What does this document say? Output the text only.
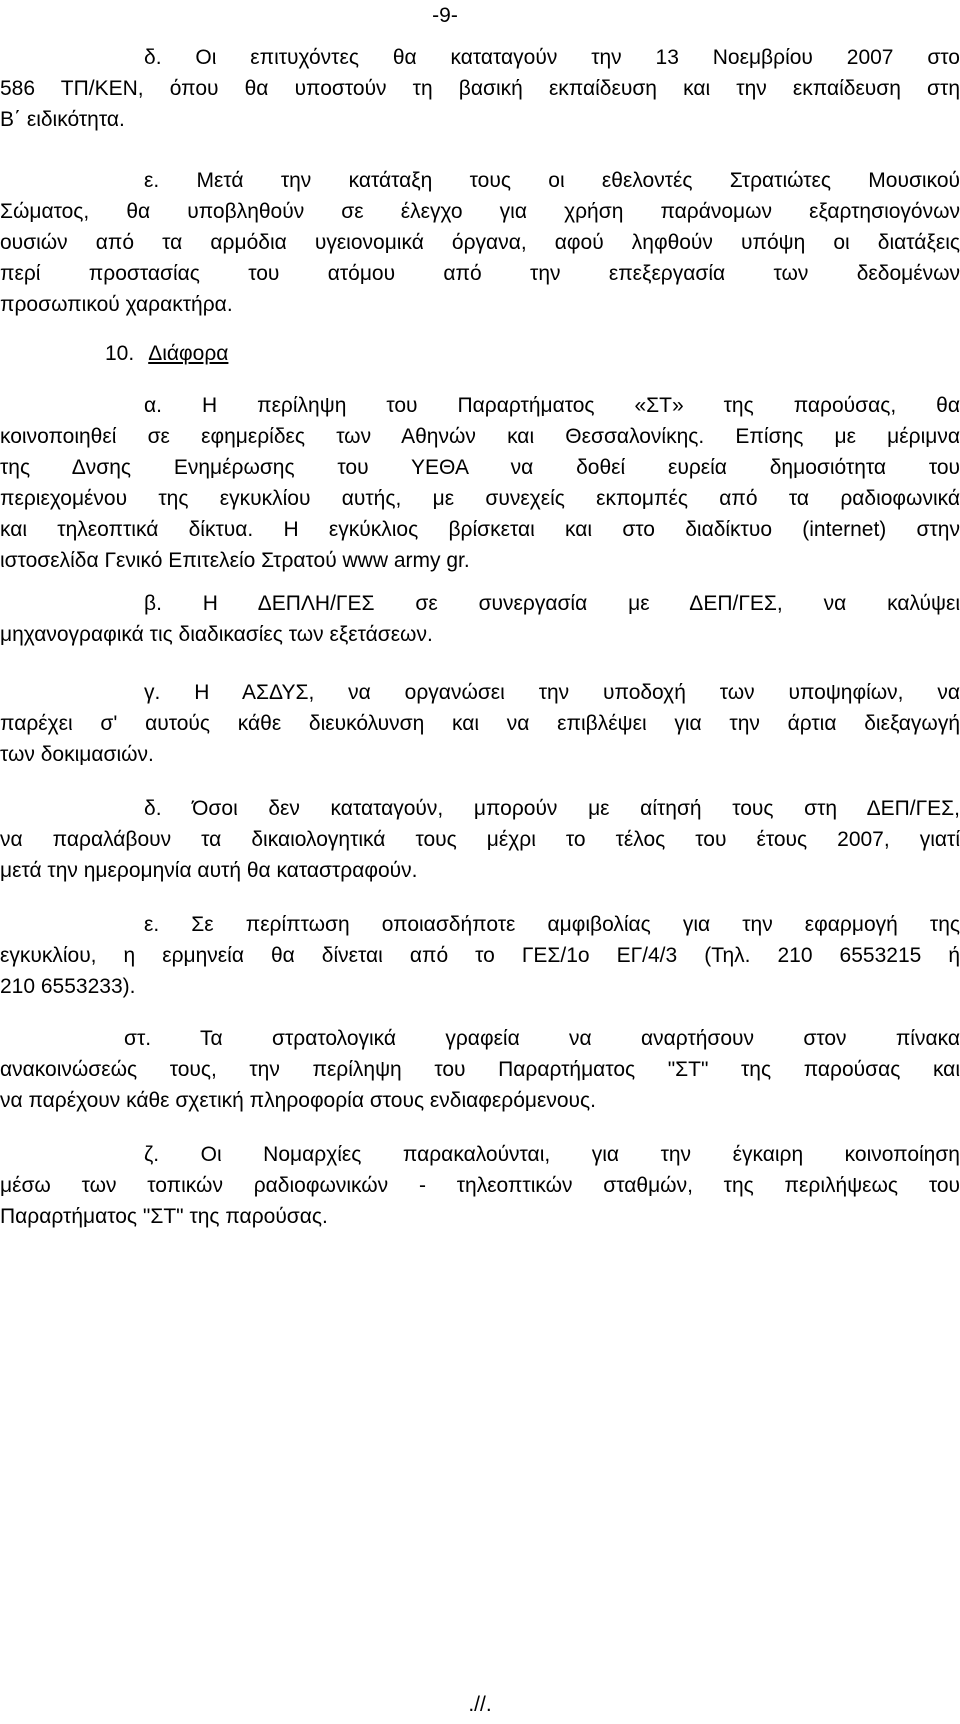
-9-
δ. Οι επιτυχόντες θα καταταγούν την 13 Νοεμβρίου 2007 στο
586 ΤΠ/ΚΕΝ, όπου θα υποστούν τη βασική εκπαίδευση και την εκπαίδευση στη
Β΄ ειδικότητα.
ε. Μετά την κατάταξη τους οι εθελοντές Στρατιώτες Μουσικού
Σώματος, θα υποβληθούν σε έλεγχο για χρήση παράνομων εξαρτησιογόνων
ουσιών από τα αρμόδια υγειονομικά όργανα, αφού ληφθούν υπόψη οι διατάξεις
περί προστασίας του ατόμου από την επεξεργασία των δεδομένων
προσωπικού χαρακτήρα.
10. Διάφορα
α. Η περίληψη του Παραρτήματος «ΣΤ» της παρούσας, θα
κοινοποιηθεί σε εφημερίδες των Αθηνών και Θεσσαλονίκης. Επίσης με μέριμνα
της Δνσης Ενημέρωσης του ΥΕΘΑ να δοθεί ευρεία δημοσιότητα του
περιεχομένου της εγκυκλίου αυτής, με συνεχείς εκπομπές από τα ραδιοφωνικά
και τηλεοπτικά δίκτυα. Η εγκύκλιος βρίσκεται και στο διαδίκτυο (internet) στην
ιστοσελίδα Γενικό Επιτελείο Στρατού www army gr.
β. Η ΔΕΠΛΗ/ΓΕΣ σε συνεργασία με ΔΕΠ/ΓΕΣ, να καλύψει
μηχανογραφικά τις διαδικασίες των εξετάσεων.
γ. Η ΑΣΔΥΣ, να οργανώσει την υποδοχή των υποψηφίων, να
παρέχει σ' αυτούς κάθε διευκόλυνση και να επιβλέψει για την άρτια διεξαγωγή
των δοκιμασιών.
δ. Όσοι δεν καταταγούν, μπορούν με αίτησή τους στη ΔΕΠ/ΓΕΣ,
να παραλάβουν τα δικαιολογητικά τους μέχρι το τέλος του έτους 2007, γιατί
μετά την ημερομηνία αυτή θα καταστραφούν.
ε. Σε περίπτωση οποιασδήποτε αμφιβολίας για την εφαρμογή της
εγκυκλίου, η ερμηνεία θα δίνεται από το ΓΕΣ/1ο ΕΓ/4/3 (Τηλ. 210 6553215 ή
210 6553233).
στ. Τα στρατολογικά γραφεία να αναρτήσουν στον πίνακα
ανακοινώσεώς τους, την περίληψη του Παραρτήματος "ΣΤ" της παρούσας και
να παρέχουν κάθε σχετική πληροφορία στους ενδιαφερόμενους.
ζ. Οι Νομαρχίες παρακαλούνται, για την έγκαιρη κοινοποίηση
μέσω των τοπικών ραδιοφωνικών - τηλεοπτικών σταθμών, της περιλήψεως του
Παραρτήματος "ΣΤ" της παρούσας.
.//.
